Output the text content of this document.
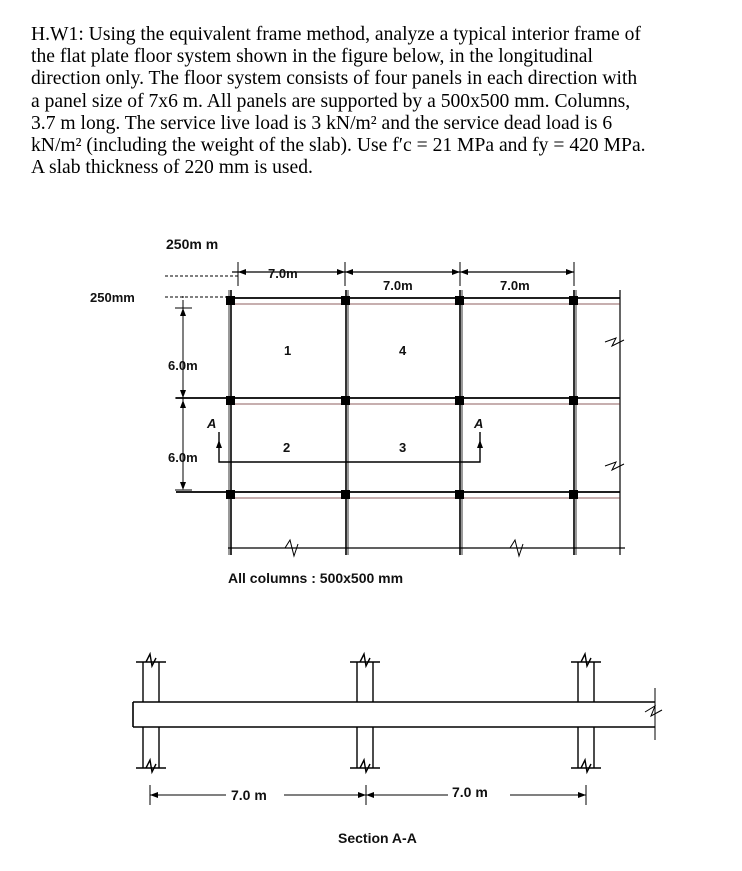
H.W1: Using the equivalent frame method, analyze a typical interior frame of
the flat plate floor system shown in the figure below, in the longitudinal
direction only. The floor system consists of four panels in each direction with
a panel size of 7x6 m. All panels are supported by a 500x500 mm. Columns,
3.7 m long. The service live load is 3 kN/m² and the service dead load is 6
kN/m² (including the weight of the slab). Use f′c = 21 MPa and fy = 420 MPa.
A slab thickness of 220 mm is used.
250m m
250mm
7.0m
7.0m	7.0m
6.0m
6.0m
1	4
2	3
A	A
All columns : 500x500 mm
7.0 m	7.0 m
Section A-A
